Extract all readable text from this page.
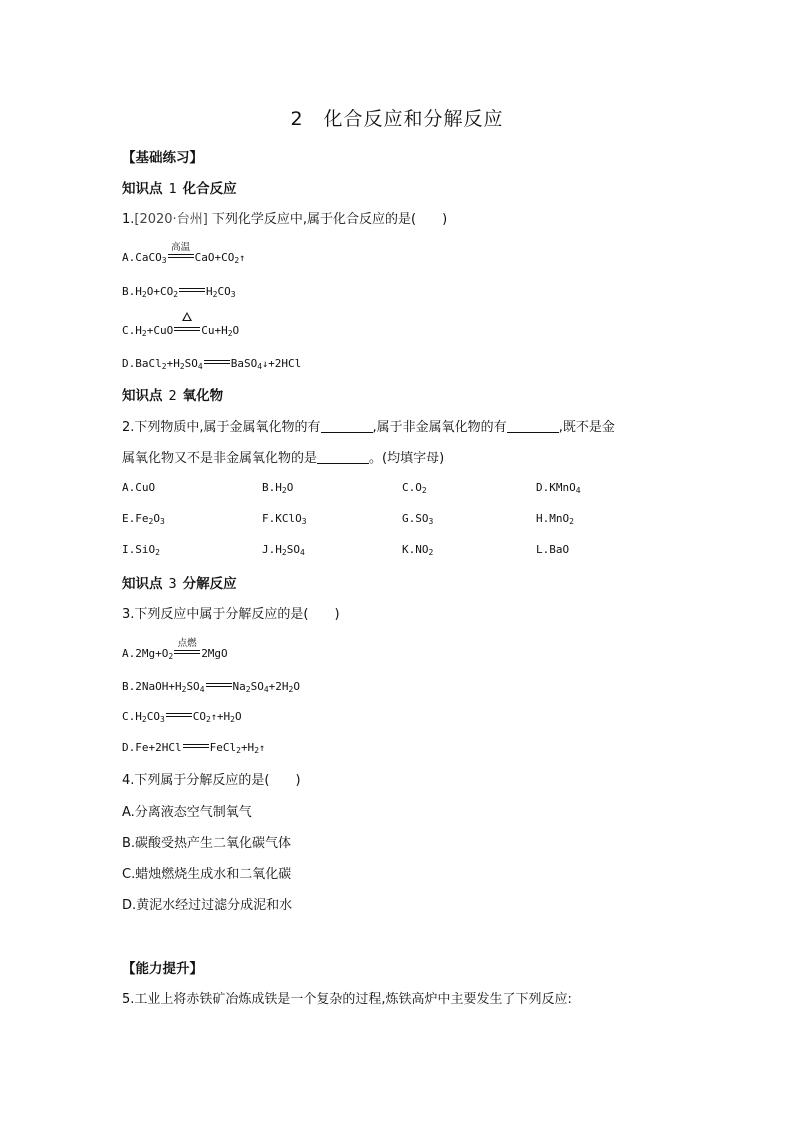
2 化合反应和分解反应
【基础练习】
知识点 1 化合反应
1.[2020·台州] 下列化学反应中,属于化合反应的是( )
A.CaCO$_3$
高温
$CaO+CO_2↑$
$B.H_2O+CO_2$	$H_2CO_3$
$C.H_2+CuO$	$Cu+H_2O$
$D.BaCl_2+H_2SO_4$	BaSO$_4$↓+2HCl
知识点 2 氧化物
2.下列物质中,属于金属氧化物的有	,属于非金属氧化物的有	,既不是金
属氧化物又不是非金属氧化物的是	。(均填字母)
A.CuO	$B.H_2O$	$C.O_2$	D.KMnO$_4$
$E.Fe_2O_3$	F.KClO$_3$	$G.SO_3$	H.MnO$_2$
I.SiO$_2$	$J.H_2SO_4$	$K.NO_2$	L.BaO
知识点 3 分解反应
3.下列反应中属于分解反应的是( )
$A.2Mg+O_2$
点燃
2MgO
$B.2NaOH+H_2SO_4$	$Na_2SO_4+2H_2O$
$C.H_2CO_3$	$CO_2↑+H_2O$
D.Fe+2HCl	$FeCl_2+H_2↑$
4.下列属于分解反应的是( )
A.分离液态空气制氧气
B.碳酸受热产生二氧化碳气体
C.蜡烛燃烧生成水和二氧化碳
D.黄泥水经过过滤分成泥和水
【能力提升】
5.工业上将赤铁矿冶炼成铁是一个复杂的过程,炼铁高炉中主要发生了下列反应:
